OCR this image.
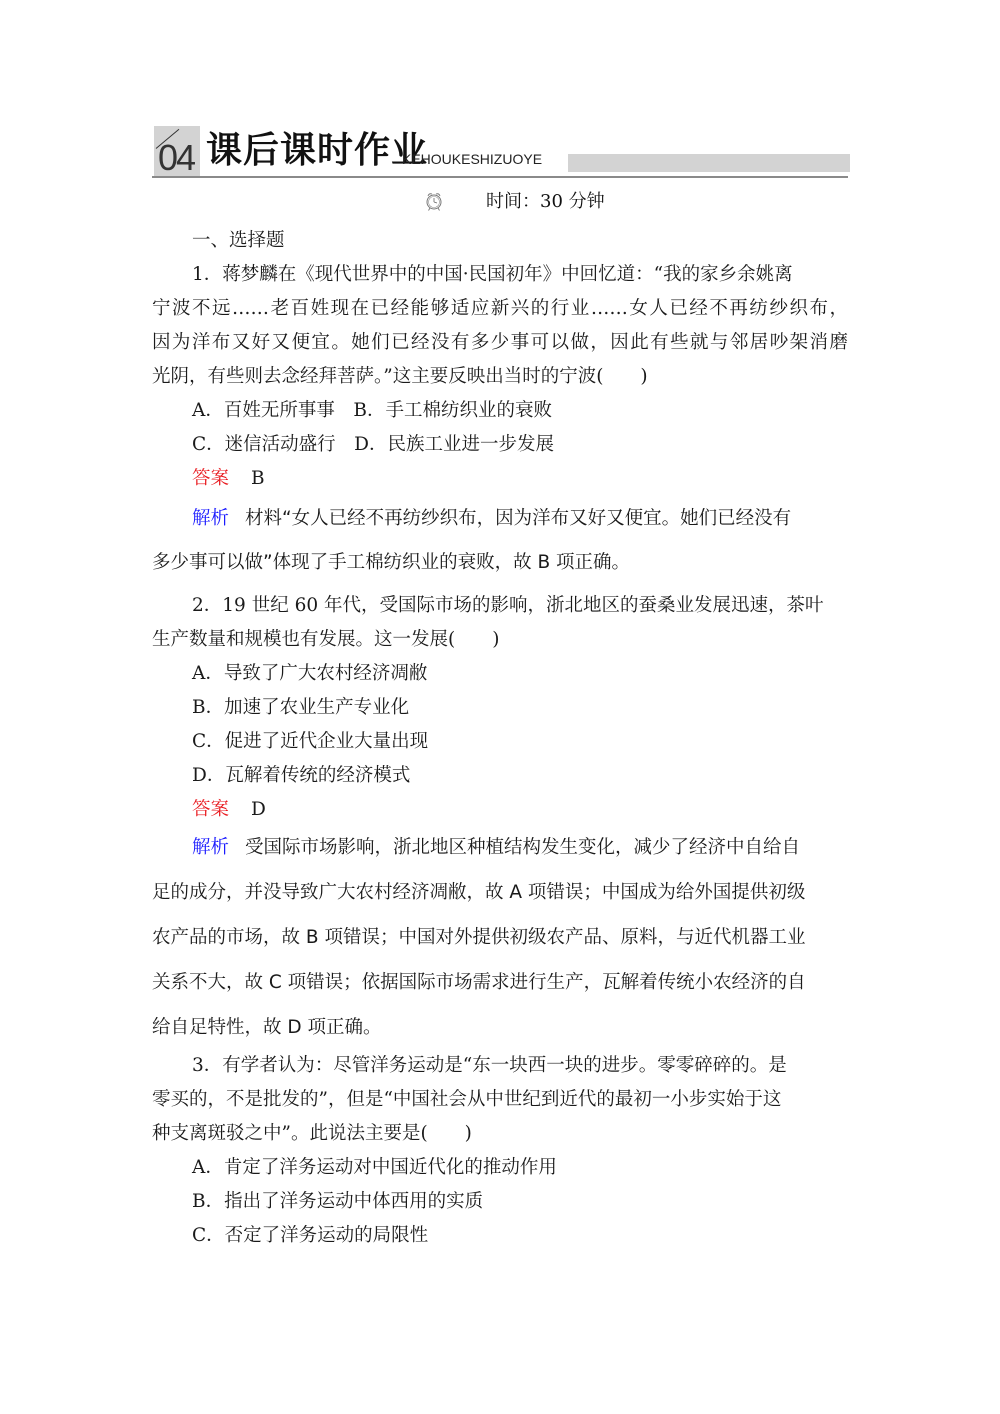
04 课后课时作业
KEHOUKESHIZUOYE
时间：30 分钟
一、选择题
1．蒋梦麟在《现代世界中的中国·民国初年》中回忆道：“我的家乡余姚离
宁波不远……老百姓现在已经能够适应新兴的行业……女人已经不再纺纱织布，
因为洋布又好又便宜。她们已经没有多少事可以做，因此有些就与邻居吵架消磨
光阴，有些则去念经拜菩萨。”这主要反映出当时的宁波(　　)
A．百姓无所事事　B．手工棉纺织业的衰败
C．迷信活动盛行　D．民族工业进一步发展
答案 B
解析 材料“女人已经不再纺纱织布，因为洋布又好又便宜。她们已经没有
多少事可以做”体现了手工棉纺织业的衰败，故 B 项正确。
2．19 世纪 60 年代，受国际市场的影响，浙北地区的蚕桑业发展迅速，茶叶
生产数量和规模也有发展。这一发展(　　)
A．导致了广大农村经济凋敝
B．加速了农业生产专业化
C．促进了近代企业大量出现
D．瓦解着传统的经济模式
答案 D
解析 受国际市场影响，浙北地区种植结构发生变化，减少了经济中自给自
足的成分，并没导致广大农村经济凋敝，故 A 项错误；中国成为给外国提供初级
农产品的市场，故 B 项错误；中国对外提供初级农产品、原料，与近代机器工业
关系不大，故 C 项错误；依据国际市场需求进行生产，瓦解着传统小农经济的自
给自足特性，故 D 项正确。
3．有学者认为：尽管洋务运动是“东一块西一块的进步。零零碎碎的。是
零买的，不是批发的”，但是“中国社会从中世纪到近代的最初一小步实始于这
种支离斑驳之中”。此说法主要是(　　)
A．肯定了洋务运动对中国近代化的推动作用
B．指出了洋务运动中体西用的实质
C．否定了洋务运动的局限性
